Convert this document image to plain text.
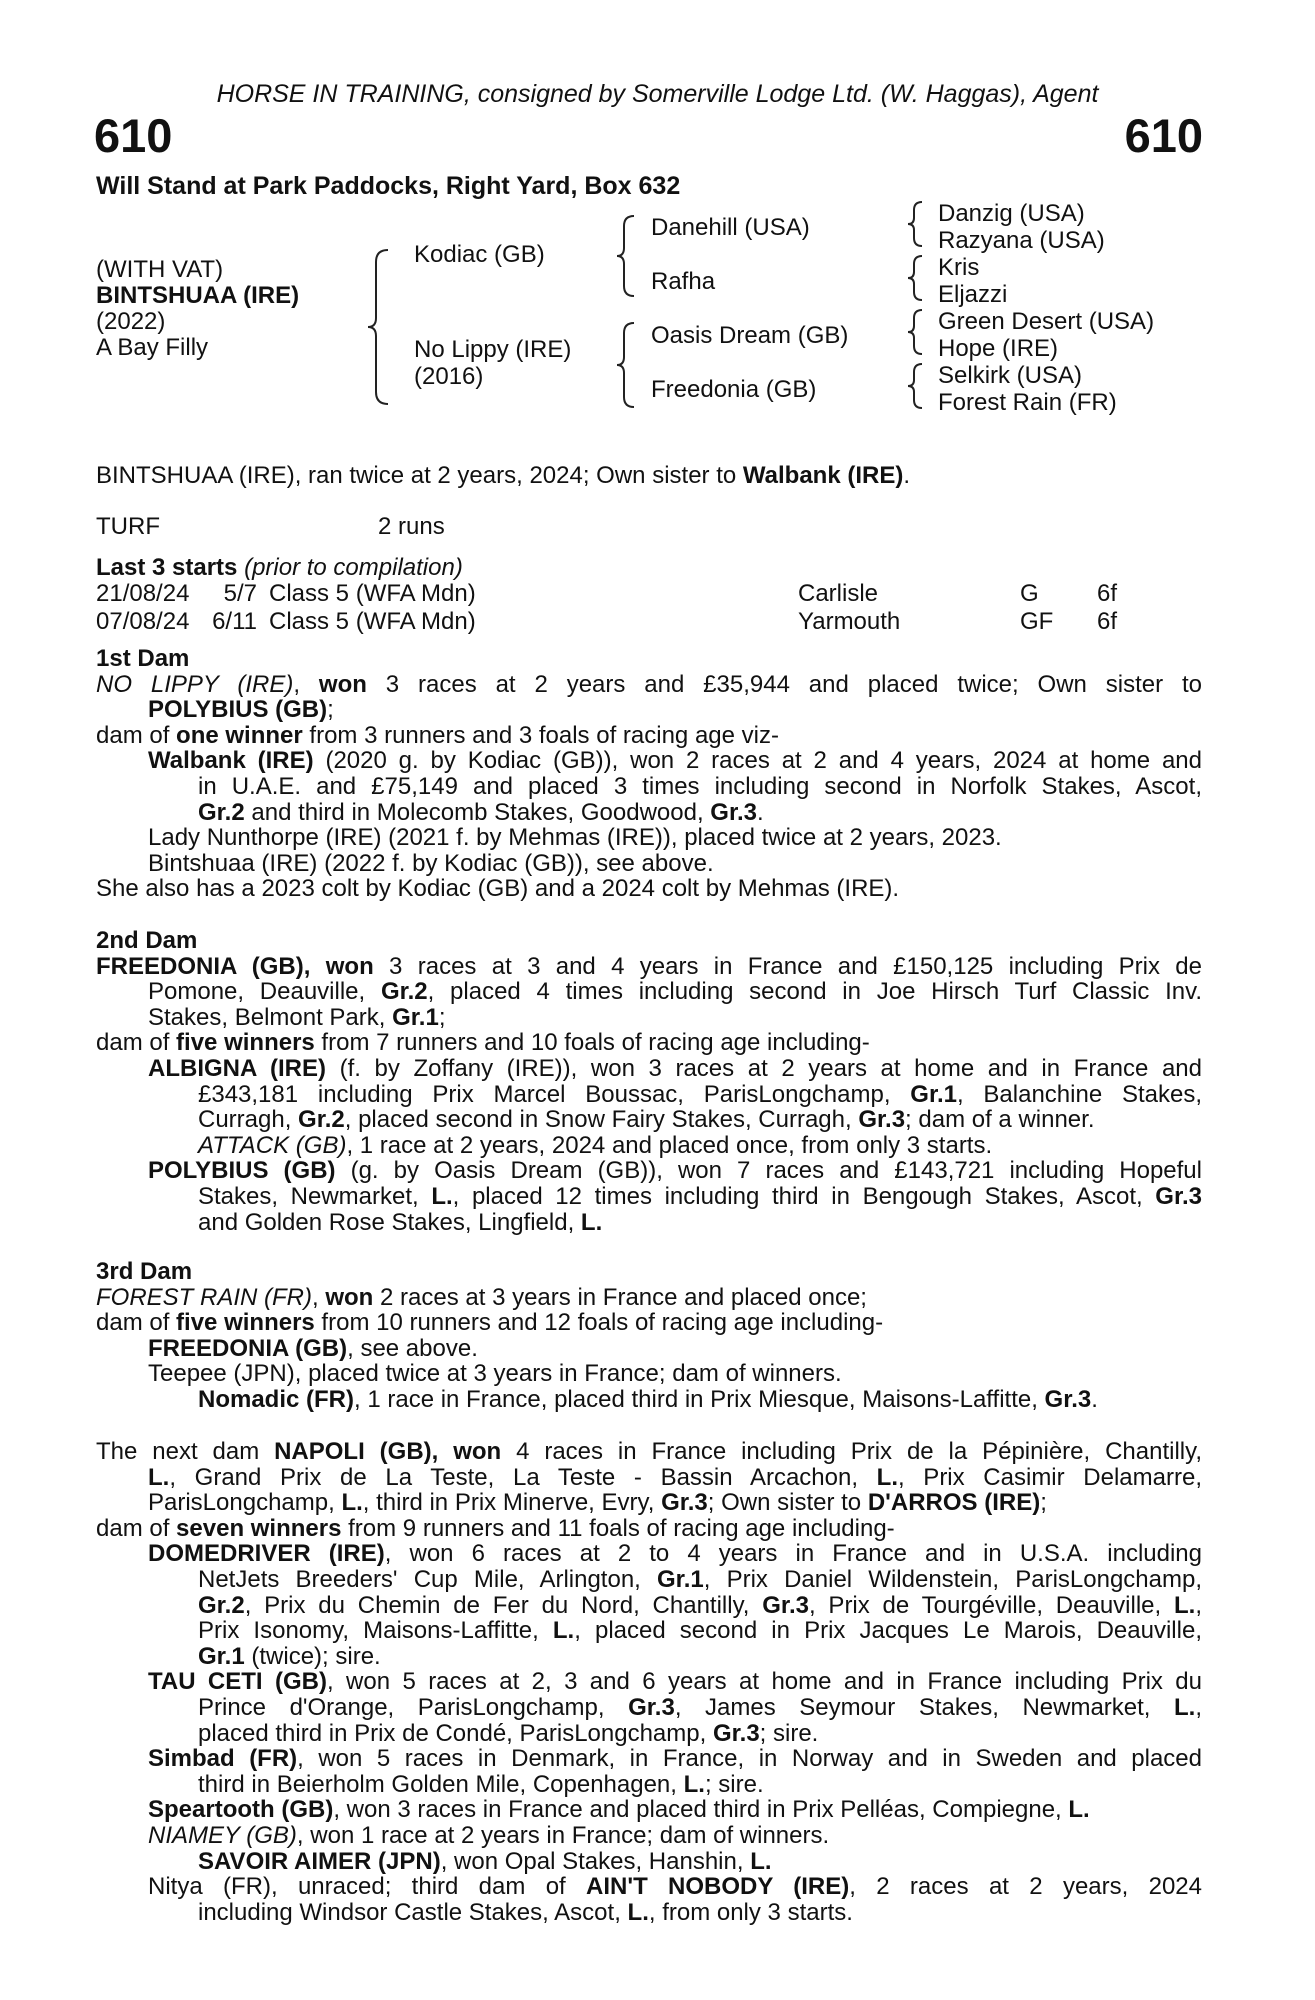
HORSE IN TRAINING, consigned by Somerville Lodge Ltd. (W. Haggas), Agent
610	610
Will Stand at Park Paddocks, Right Yard, Box 632
(WITH VAT)
BINTSHUAA (IRE)
(2022)
A Bay Filly
Kodiac (GB)
No Lippy (IRE)
(2016)
Danehill (USA)
Rafha
Oasis Dream (GB)
Freedonia (GB)
Danzig (USA)
Razyana (USA)
Kris
Eljazzi
Green Desert (USA)
Hope (IRE)
Selkirk (USA)
Forest Rain (FR)
BINTSHUAA (IRE), ran twice at 2 years, 2024; Own sister to Walbank (IRE).
TURF	2 runs
Last 3 starts (prior to compilation)
21/08/24	5/7	Class 5 (WFA Mdn)	Carlisle	G	6f
07/08/24	6/11	Class 5 (WFA Mdn)	Yarmouth	GF	6f
1st Dam
NO LIPPY (IRE), won 3 races at 2 years and £35,944 and placed twice; Own sister to
POLYBIUS (GB);
dam of one winner from 3 runners and 3 foals of racing age viz-
Walbank (IRE) (2020 g. by Kodiac (GB)), won 2 races at 2 and 4 years, 2024 at home and
in U.A.E. and £75,149 and placed 3 times including second in Norfolk Stakes, Ascot,
Gr.2 and third in Molecomb Stakes, Goodwood, Gr.3.
Lady Nunthorpe (IRE) (2021 f. by Mehmas (IRE)), placed twice at 2 years, 2023.
Bintshuaa (IRE) (2022 f. by Kodiac (GB)), see above.
She also has a 2023 colt by Kodiac (GB) and a 2024 colt by Mehmas (IRE).
2nd Dam
FREEDONIA (GB), won 3 races at 3 and 4 years in France and £150,125 including Prix de
Pomone, Deauville, Gr.2, placed 4 times including second in Joe Hirsch Turf Classic Inv.
Stakes, Belmont Park, Gr.1;
dam of five winners from 7 runners and 10 foals of racing age including-
ALBIGNA (IRE) (f. by Zoffany (IRE)), won 3 races at 2 years at home and in France and
£343,181 including Prix Marcel Boussac, ParisLongchamp, Gr.1, Balanchine Stakes,
Curragh, Gr.2, placed second in Snow Fairy Stakes, Curragh, Gr.3; dam of a winner.
ATTACK (GB), 1 race at 2 years, 2024 and placed once, from only 3 starts.
POLYBIUS (GB) (g. by Oasis Dream (GB)), won 7 races and £143,721 including Hopeful
Stakes, Newmarket, L., placed 12 times including third in Bengough Stakes, Ascot, Gr.3
and Golden Rose Stakes, Lingfield, L.
3rd Dam
FOREST RAIN (FR), won 2 races at 3 years in France and placed once;
dam of five winners from 10 runners and 12 foals of racing age including-
FREEDONIA (GB), see above.
Teepee (JPN), placed twice at 3 years in France; dam of winners.
Nomadic (FR), 1 race in France, placed third in Prix Miesque, Maisons-Laffitte, Gr.3.
The next dam NAPOLI (GB), won 4 races in France including Prix de la Pépinière, Chantilly,
L., Grand Prix de La Teste, La Teste - Bassin Arcachon, L., Prix Casimir Delamarre,
ParisLongchamp, L., third in Prix Minerve, Evry, Gr.3; Own sister to D'ARROS (IRE);
dam of seven winners from 9 runners and 11 foals of racing age including-
DOMEDRIVER (IRE), won 6 races at 2 to 4 years in France and in U.S.A. including
NetJets Breeders' Cup Mile, Arlington, Gr.1, Prix Daniel Wildenstein, ParisLongchamp,
Gr.2, Prix du Chemin de Fer du Nord, Chantilly, Gr.3, Prix de Tourgéville, Deauville, L.,
Prix Isonomy, Maisons-Laffitte, L., placed second in Prix Jacques Le Marois, Deauville,
Gr.1 (twice); sire.
TAU CETI (GB), won 5 races at 2, 3 and 6 years at home and in France including Prix du
Prince d'Orange, ParisLongchamp, Gr.3, James Seymour Stakes, Newmarket, L.,
placed third in Prix de Condé, ParisLongchamp, Gr.3; sire.
Simbad (FR), won 5 races in Denmark, in France, in Norway and in Sweden and placed
third in Beierholm Golden Mile, Copenhagen, L.; sire.
Speartooth (GB), won 3 races in France and placed third in Prix Pelléas, Compiegne, L.
NIAMEY (GB), won 1 race at 2 years in France; dam of winners.
SAVOIR AIMER (JPN), won Opal Stakes, Hanshin, L.
Nitya (FR), unraced; third dam of AIN'T NOBODY (IRE), 2 races at 2 years, 2024
including Windsor Castle Stakes, Ascot, L., from only 3 starts.
